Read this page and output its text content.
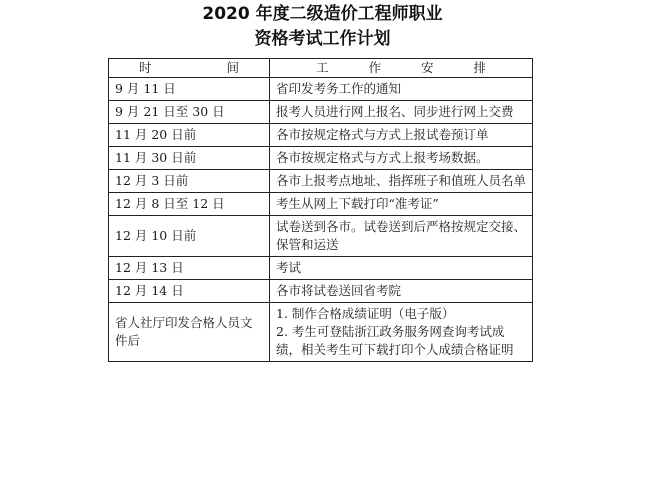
2020 年度二级造价工程师职业
资格考试工作计划
时　　　间	工　作　安　排
9 月 11 日	省印发考务工作的通知
9 月 21 日至 30 日	报考人员进行网上报名、同步进行网上交费
11 月 20 日前	各市按规定格式与方式上报试卷预订单
11 月 30 日前	各市按规定格式与方式上报考场数据。
12 月 3 日前	各市上报考点地址、指挥班子和值班人员名单
12 月 8 日至 12 日	考生从网上下载打印“准考证”
12 月 10 日前	试卷送到各市。试卷送到后严格按规定交接、保管和运送
12 月 13 日	考试
12 月 14 日	各市将试卷送回省考院
省人社厅印发合格人员文件后	1. 制作合格成绩证明（电子版）
2. 考生可登陆浙江政务服务网查询考试成绩，相关考生可下载打印个人成绩合格证明
